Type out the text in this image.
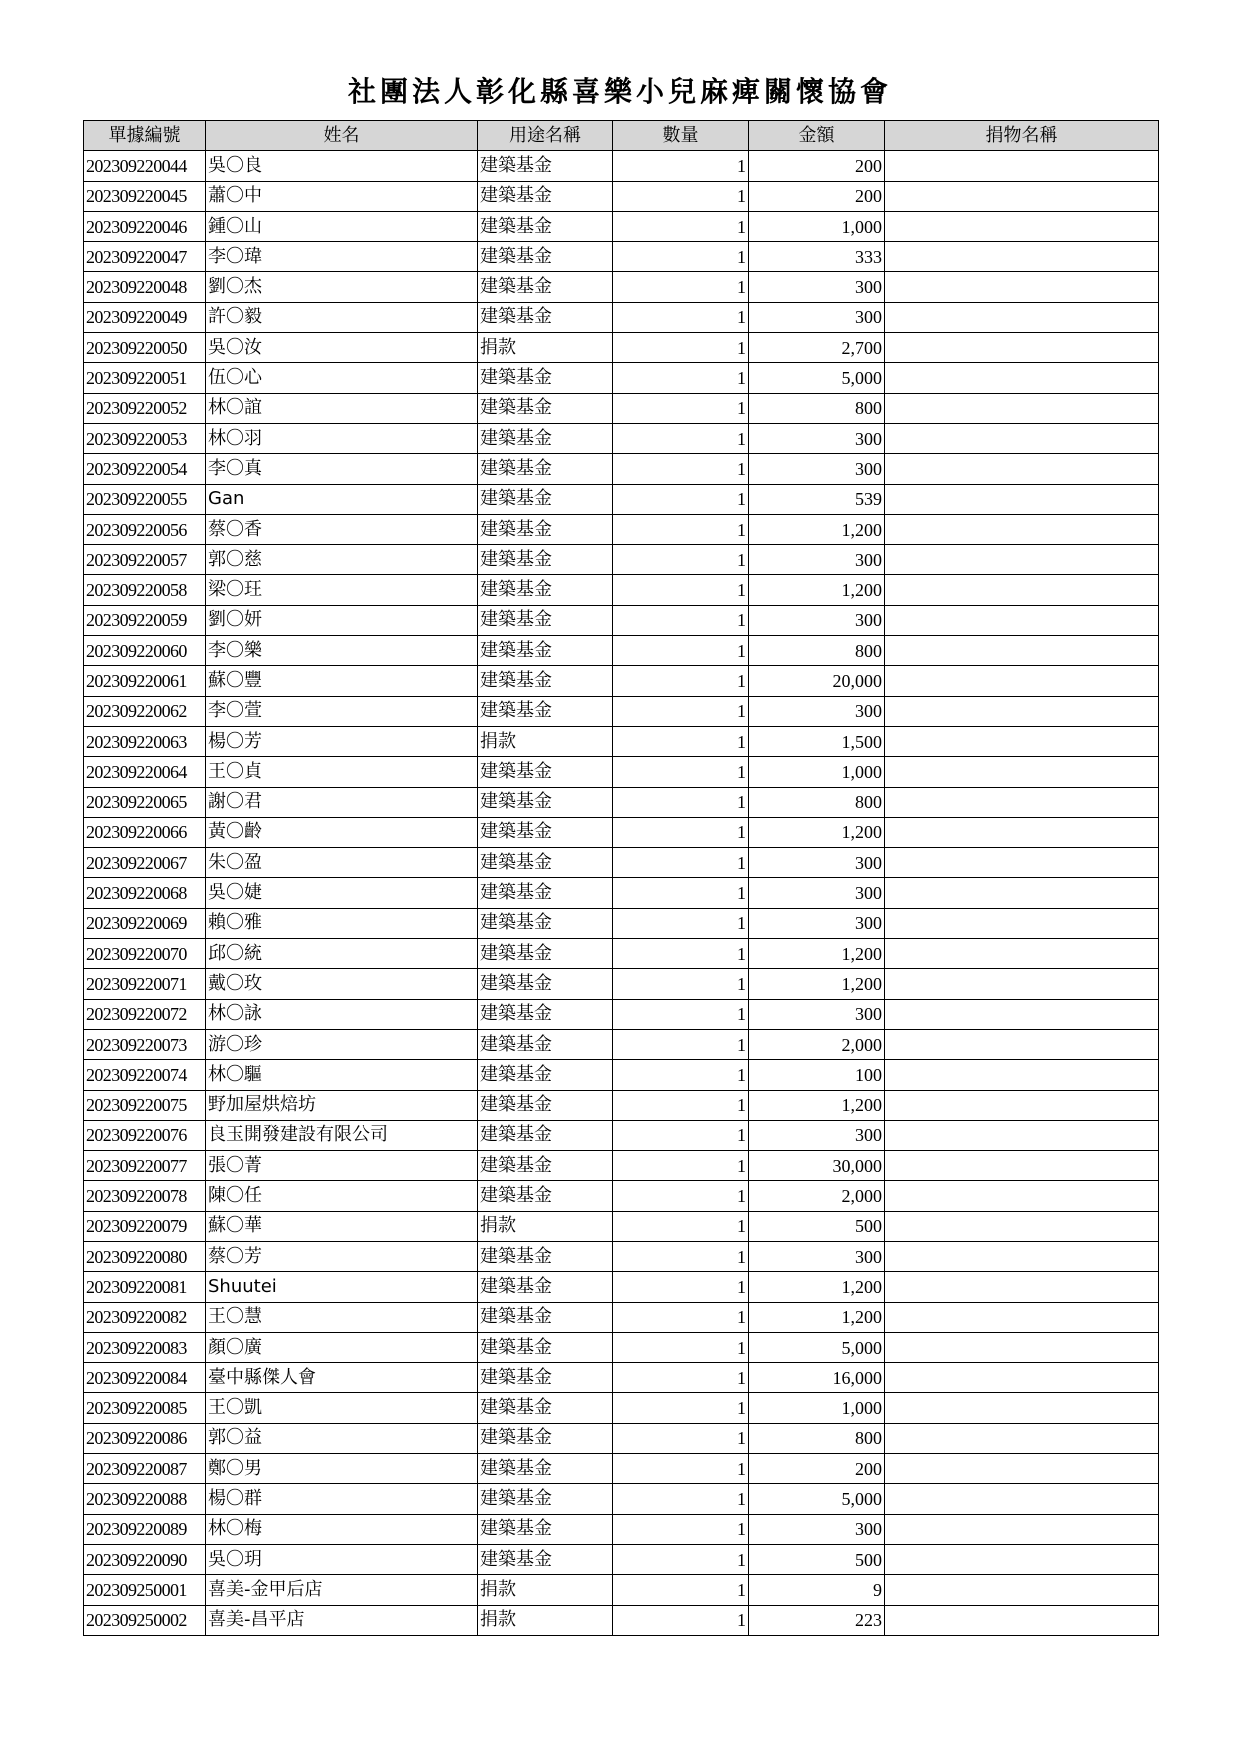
社團法人彰化縣喜樂小兒麻痺關懷協會
單據編號	姓名	用途名稱	數量	金額	捐物名稱
202309220044	吳〇良	建築基金	1	200	
202309220045	蕭〇中	建築基金	1	200	
202309220046	鍾〇山	建築基金	1	1,000	
202309220047	李〇瑋	建築基金	1	333	
202309220048	劉〇杰	建築基金	1	300	
202309220049	許〇毅	建築基金	1	300	
202309220050	吳〇汝	捐款	1	2,700	
202309220051	伍〇心	建築基金	1	5,000	
202309220052	林〇誼	建築基金	1	800	
202309220053	林〇羽	建築基金	1	300	
202309220054	李〇真	建築基金	1	300	
202309220055	Gan	建築基金	1	539	
202309220056	蔡〇香	建築基金	1	1,200	
202309220057	郭〇慈	建築基金	1	300	
202309220058	梁〇玨	建築基金	1	1,200	
202309220059	劉〇妍	建築基金	1	300	
202309220060	李〇樂	建築基金	1	800	
202309220061	蘇〇豐	建築基金	1	20,000	
202309220062	李〇萱	建築基金	1	300	
202309220063	楊〇芳	捐款	1	1,500	
202309220064	王〇貞	建築基金	1	1,000	
202309220065	謝〇君	建築基金	1	800	
202309220066	黃〇齡	建築基金	1	1,200	
202309220067	朱〇盈	建築基金	1	300	
202309220068	吳〇婕	建築基金	1	300	
202309220069	賴〇雅	建築基金	1	300	
202309220070	邱〇統	建築基金	1	1,200	
202309220071	戴〇玫	建築基金	1	1,200	
202309220072	林〇詠	建築基金	1	300	
202309220073	游〇珍	建築基金	1	2,000	
202309220074	林〇驅	建築基金	1	100	
202309220075	野加屋烘焙坊	建築基金	1	1,200	
202309220076	良玉開發建設有限公司	建築基金	1	300	
202309220077	張〇菁	建築基金	1	30,000	
202309220078	陳〇任	建築基金	1	2,000	
202309220079	蘇〇華	捐款	1	500	
202309220080	蔡〇芳	建築基金	1	300	
202309220081	Shuutei	建築基金	1	1,200	
202309220082	王〇慧	建築基金	1	1,200	
202309220083	顏〇廣	建築基金	1	5,000	
202309220084	臺中縣傑人會	建築基金	1	16,000	
202309220085	王〇凱	建築基金	1	1,000	
202309220086	郭〇益	建築基金	1	800	
202309220087	鄭〇男	建築基金	1	200	
202309220088	楊〇群	建築基金	1	5,000	
202309220089	林〇梅	建築基金	1	300	
202309220090	吳〇玥	建築基金	1	500	
202309250001	喜美-金甲后店	捐款	1	9	
202309250002	喜美-昌平店	捐款	1	223	
